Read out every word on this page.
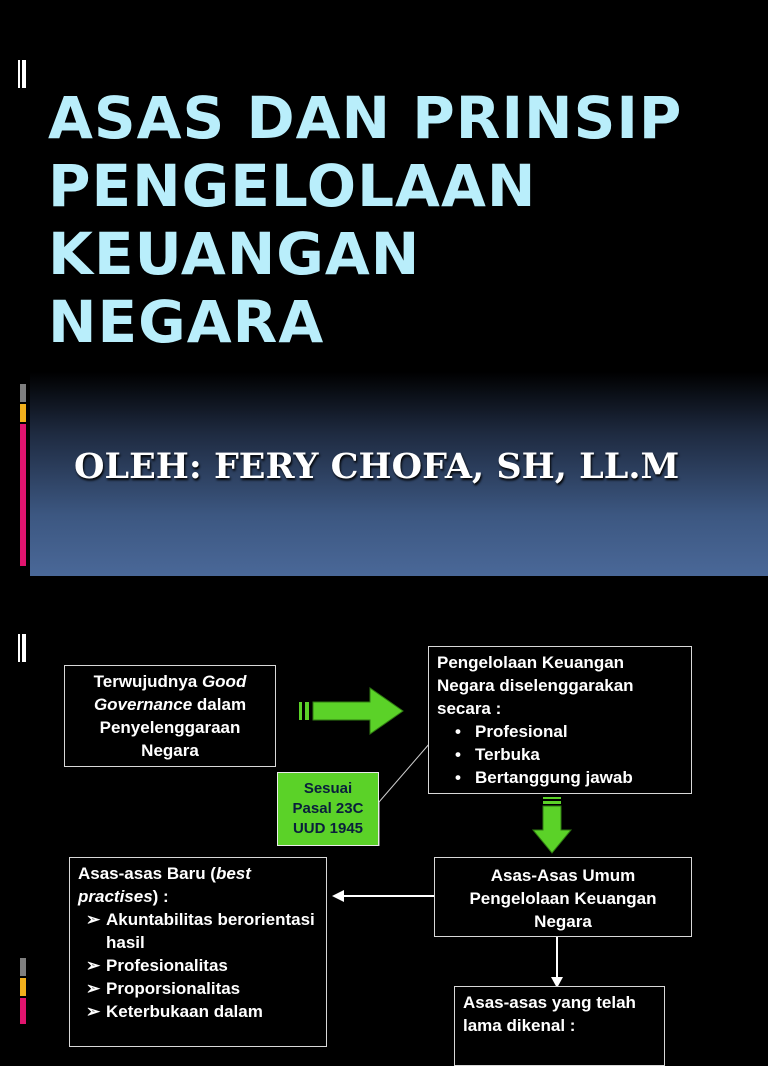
ASAS DAN PRINSIP
PENGELOLAAN
KEUANGAN
NEGARA
OLEH: FERY CHOFA, SH, LL.M
Terwujudnya Good Governance dalam Penyelenggaraan Negara
Pengelolaan Keuangan Negara diselenggarakan secara :
• Profesional
• Terbuka
• Bertanggung jawab
Sesuai Pasal 23C UUD 1945
Asas-Asas Umum Pengelolaan Keuangan Negara
Asas-asas Baru (best practises) :
➢ Akuntabilitas berorientasi hasil
➢ Profesionalitas
➢ Proporsionalitas
➢ Keterbukaan dalam	Asas-asas yang telah lama dikenal :
